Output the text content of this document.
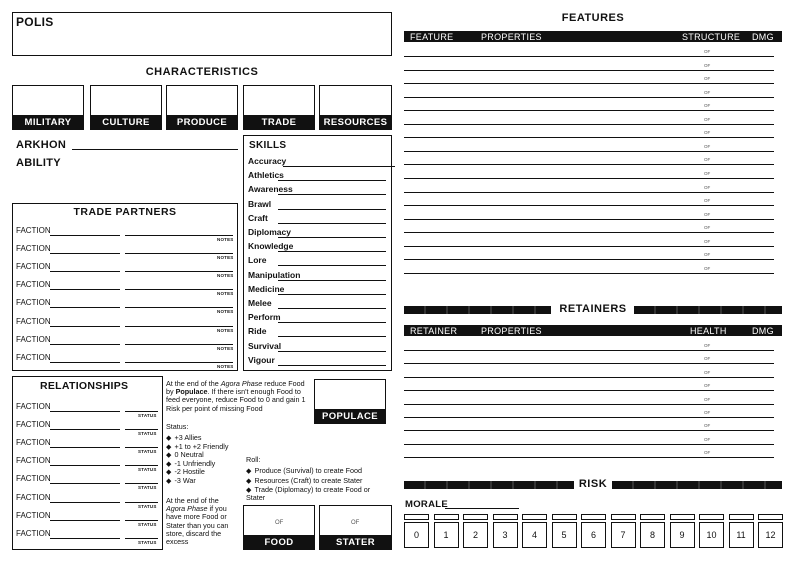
POLIS
CHARACTERISTICS
MILITARY	CULTURE	PRODUCE	TRADE	RESOURCES
ARKHON
ABILITY
SKILLS
Accuracy
Athletics
Awareness
Brawl
Craft
Diplomacy
Knowledge
Lore
Manipulation
Medicine
Melee
Perform
Ride
Survival
Vigour
TRADE PARTNERS
FACTION
NOTES
FACTION
NOTES
FACTION
NOTES
FACTION
NOTES
FACTION
NOTES
FACTION
NOTES
FACTION
NOTES
FACTION
NOTES
RELATIONSHIPS
FACTION
STATUS
FACTION
STATUS
FACTION
STATUS
FACTION
STATUS
FACTION
STATUS
FACTION
STATUS
FACTION
STATUS
FACTION
STATUS
At the end of the Agora Phase reduce Food by Populace. If there isn't enough Food to feed everyone, reduce Food to 0 and gain 1 Risk per point of missing Food
Status:
◆ +3 Allies
◆ +1 to +2 Friendly
◆ 0 Neutral
◆ -1 Unfriendly
◆ -2 Hostile
◆ -3 War
At the end of the Agora Phase if you have more Food or Stater than you can store, discard the excess
Roll:
◆ Produce (Survival) to create Food
◆ Resources (Craft) to create Stater
◆ Trade (Diplomacy) to create Food or Stater
POPULACE
OF
FOOD
OF
STATER
FEATURES
FEATURE	PROPERTIES	STRUCTURE DMG
OF
OF
OF
OF
OF
OF
OF
OF
OF
OF
OF
OF
OF
OF
OF
OF
OF
RETAINERS
RETAINER	PROPERTIES	HEALTH	DMG
OF
OF
OF
OF
OF
OF
OF
OF
OF
RISK
MORALE
0	1	2	3	4	5	6	7	8	9	10	11	12
